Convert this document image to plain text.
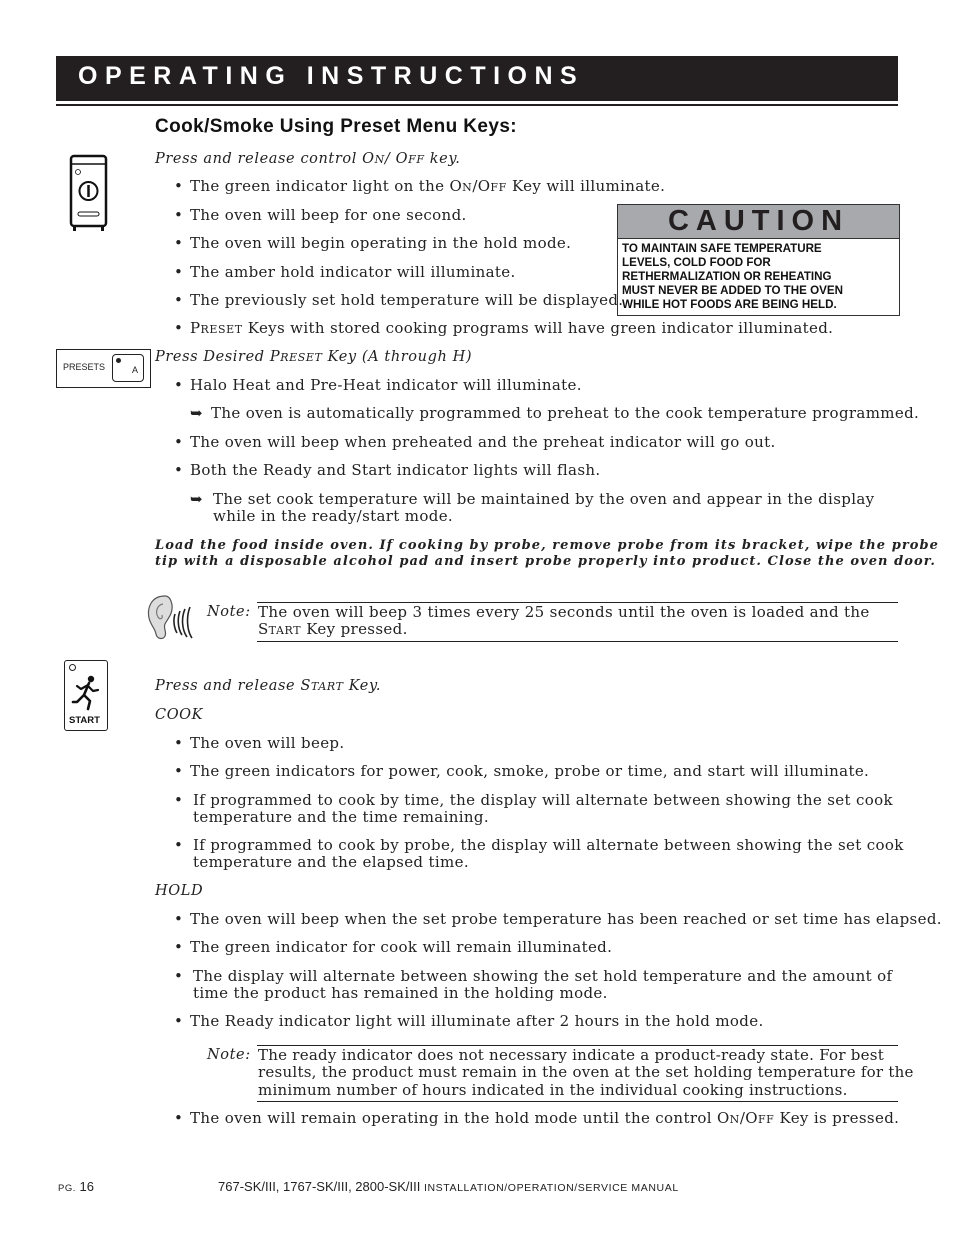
OPERATING INSTRUCTIONS
Cook/Smoke Using Preset Menu Keys:
Press and release control ON/ OFF key.
• The green indicator light on the ON/OFF Key will illuminate.
• The oven will beep for one second.
• The oven will begin operating in the hold mode.
• The amber hold indicator will illuminate.
• The previously set hold temperature will be displayed.
• PRESET Keys with stored cooking programs will have green indicator illuminated.
CAUTION
TO MAINTAIN SAFE TEMPERATURE
LEVELS, COLD FOOD FOR
RETHERMALIZATION OR REHEATING
MUST NEVER BE ADDED TO THE OVEN
WHILE HOT FOODS ARE BEING HELD.
PRESETS	A
Press Desired PRESET Key (A through H)
• Halo Heat and Pre-Heat indicator will illuminate.
➥ The oven is automatically programmed to preheat to the cook temperature programmed.
• The oven will beep when preheated and the preheat indicator will go out.
• Both the Ready and Start indicator lights will flash.
➥ The set cook temperature will be maintained by the oven and appear in the display
while in the ready/start mode.
Load the food inside oven. If cooking by probe, remove probe from its bracket, wipe the probe
tip with a disposable alcohol pad and insert probe properly into product. Close the oven door.
Note: The oven will beep 3 times every 25 seconds until the oven is loaded and the
START Key pressed.
START
Press and release START Key.
COOK
• The oven will beep.
• The green indicators for power, cook, smoke, probe or time, and start will illuminate.
• If programmed to cook by time, the display will alternate between showing the set cook
temperature and the time remaining.
• If programmed to cook by probe, the display will alternate between showing the set cook
temperature and the elapsed time.
HOLD
• The oven will beep when the set probe temperature has been reached or set time has elapsed.
• The green indicator for cook will remain illuminated.
• The display will alternate between showing the set hold temperature and the amount of
time the product has remained in the holding mode.
• The Ready indicator light will illuminate after 2 hours in the hold mode.
Note: The ready indicator does not necessary indicate a product-ready state. For best
results, the product must remain in the oven at the set holding temperature for the
minimum number of hours indicated in the individual cooking instructions.
• The oven will remain operating in the hold mode until the control ON/OFF Key is pressed.
PG. 16	767-SK/III, 1767-SK/III, 2800-SK/III INSTALLATION/OPERATION/SERVICE MANUAL
